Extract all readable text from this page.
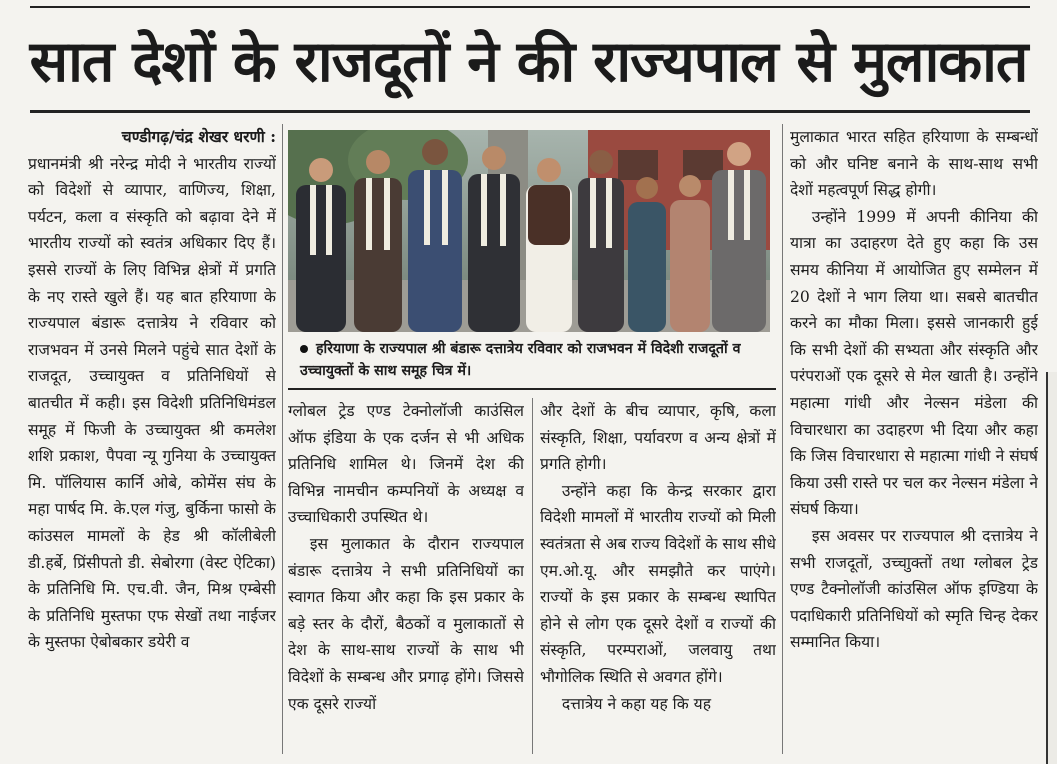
सात देशों के राजदूतों ने की राज्यपाल से मुलाकात

चण्डीगढ़/चंद्र शेखर धरणी :

प्रधानमंत्री श्री नरेन्द्र मोदी ने भारतीय राज्यों को विदेशों से व्यापार, वाणिज्य, शिक्षा, पर्यटन, कला व संस्कृति को बढ़ावा देने में भारतीय राज्यों को स्वतंत्र अधिकार दिए हैं। इससे राज्यों के लिए विभिन्न क्षेत्रों में प्रगति के नए रास्ते खुले हैं। यह बात हरियाणा के राज्यपाल बंडारू दत्तात्रेय ने रविवार को राजभवन में उनसे मिलने पहुंचे सात देशों के राजदूत, उच्चायुक्त व प्रतिनिधियों से बातचीत में कही। इस विदेशी प्रतिनिधिमंडल समूह में फिजी के उच्चायुक्त श्री कमलेश शशि प्रकाश, पैपवा न्यू गुनिया के उच्चायुक्त मि. पॉलियास कार्नि ओबे, कोमेंस संघ के महा पार्षद मि. के.एल गंजु, बुर्किना फासो के कांउसल मामलों के हेड श्री कॉलीबेली डी.हर्बे, प्रिंसीपतो डी. सेबोरगा (वेस्ट ऐटिका) के प्रतिनिधि मि. एच.वी. जैन, मिश्र एम्बेसी के प्रतिनिधि मुस्तफा एफ सेखों तथा नाईजर के मुस्तफा ऐबोबकार डयेरी व

ग्लोबल ट्रेड एण्ड टेक्नोलॉजी काउंसिल ऑफ इंडिया के एक दर्जन से भी अधिक प्रतिनिधि शामिल थे। जिनमें देश की विभिन्न नामचीन कम्पनियों के अध्यक्ष व उच्चाधिकारी उपस्थित थे।

इस मुलाकात के दौरान राज्यपाल बंडारू दत्तात्रेय ने सभी प्रतिनिधियों का स्वागत किया और कहा कि इस प्रकार के बड़े स्तर के दौरों, बैठकों व मुलाकातों से देश के साथ-साथ राज्यों के साथ भी विदेशों के सम्बन्ध और प्रगाढ़ होंगे। जिससे एक दूसरे राज्यों

और देशों के बीच व्यापार, कृषि, कला संस्कृति, शिक्षा, पर्यावरण व अन्य क्षेत्रों में प्रगति होगी।

उन्होंने कहा कि केन्द्र सरकार द्वारा विदेशी मामलों में भारतीय राज्यों को मिली स्वतंत्रता से अब राज्य विदेशों के साथ सीधे एम.ओ.यू. और समझौते कर पाएंगे। राज्यों के इस प्रकार के सम्बन्ध स्थापित होने से लोग एक दूसरे देशों व राज्यों की संस्कृति, परम्पराओं, जलवायु तथा भौगोलिक स्थिति से अवगत होंगे।

दत्तात्रेय ने कहा यह कि यह

मुलाकात भारत सहित हरियाणा के सम्बन्धों को और घनिष्ट बनाने के साथ-साथ सभी देशों महत्वपूर्ण सिद्ध होगी।

उन्होंने 1999 में अपनी कीनिया की यात्रा का उदाहरण देते हुए कहा कि उस समय कीनिया में आयोजित हुए सम्मेलन में 20 देशों ने भाग लिया था। सबसे बातचीत करने का मौका मिला। इससे जानकारी हुई कि सभी देशों की सभ्यता और संस्कृति और परंपराओं एक दूसरे से मेल खाती है। उन्होंने महात्मा गांधी और नेल्सन मंडेला की विचारधारा का उदाहरण भी दिया और कहा कि जिस विचारधारा से महात्मा गांधी ने संघर्ष किया उसी रास्ते पर चल कर नेल्सन मंडेला ने संघर्ष किया।

इस अवसर पर राज्यपाल श्री दत्तात्रेय ने सभी राजदूतों, उच्चाुक्तों तथा ग्लोबल ट्रेड एण्ड टैक्नोलॉजी कांउसिल ऑफ इण्डिया के पदाधिकारी प्रतिनिधियों को स्मृति चिन्ह देकर सम्मानित किया।

हरियाणा के राज्यपाल श्री बंडारू दत्तात्रेय रविवार को राजभवन में विदेशी राजदूतों व उच्चायुक्तों के साथ समूह चित्र में।
